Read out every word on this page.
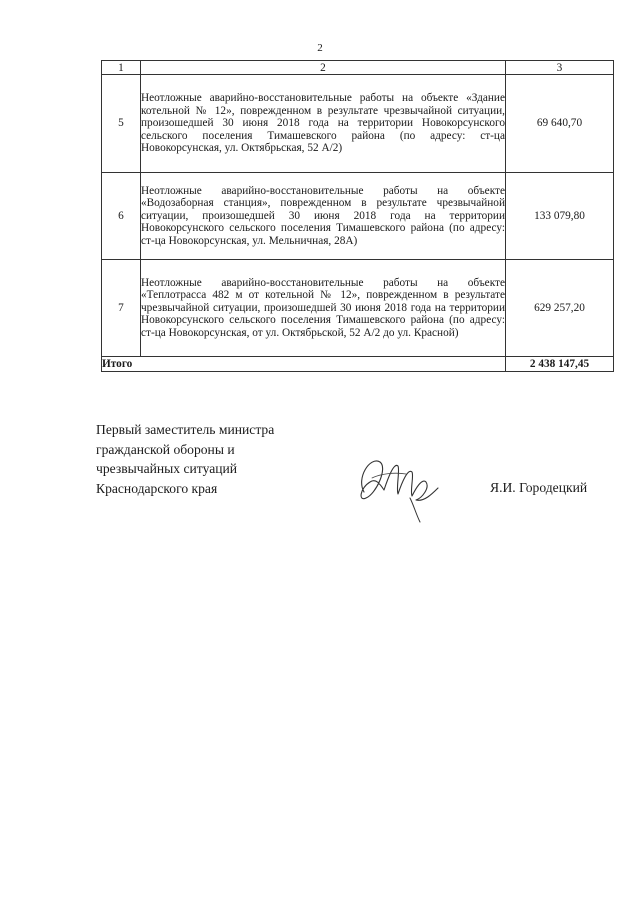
2
1	2	3
5	Неотложные аварийно-восстановительные работы на объекте «Здание котельной № 12», поврежденном в результате чрезвычайной ситуации, произошедшей 30 июня 2018 года на территории Новокорсунского сельского поселения Тимашевского района (по адресу: ст-ца Новокорсунская, ул. Октябрьская, 52 А/2)	69 640,70
6	Неотложные аварийно-восстановительные работы на объекте «Водозаборная станция», поврежденном в результате чрезвычайной ситуации, произошедшей 30 июня 2018 года на территории Новокорсунского сельского поселения Тимашевского района (по адресу: ст-ца Новокорсунская, ул. Мельничная, 28А)	133 079,80
7	Неотложные аварийно-восстановительные работы на объекте «Теплотрасса 482 м от котельной № 12», поврежденном в результате чрезвычайной ситуации, произошедшей 30 июня 2018 года на территории Новокорсунского сельского поселения Тимашевского района (по адресу: ст-ца Новокорсунская, от ул. Октябрьской, 52 А/2 до ул. Красной)	629 257,20
Итого		2 438 147,45
Первый заместитель министра
гражданской обороны и
чрезвычайных ситуаций
Краснодарского края	Я.И. Городецкий
